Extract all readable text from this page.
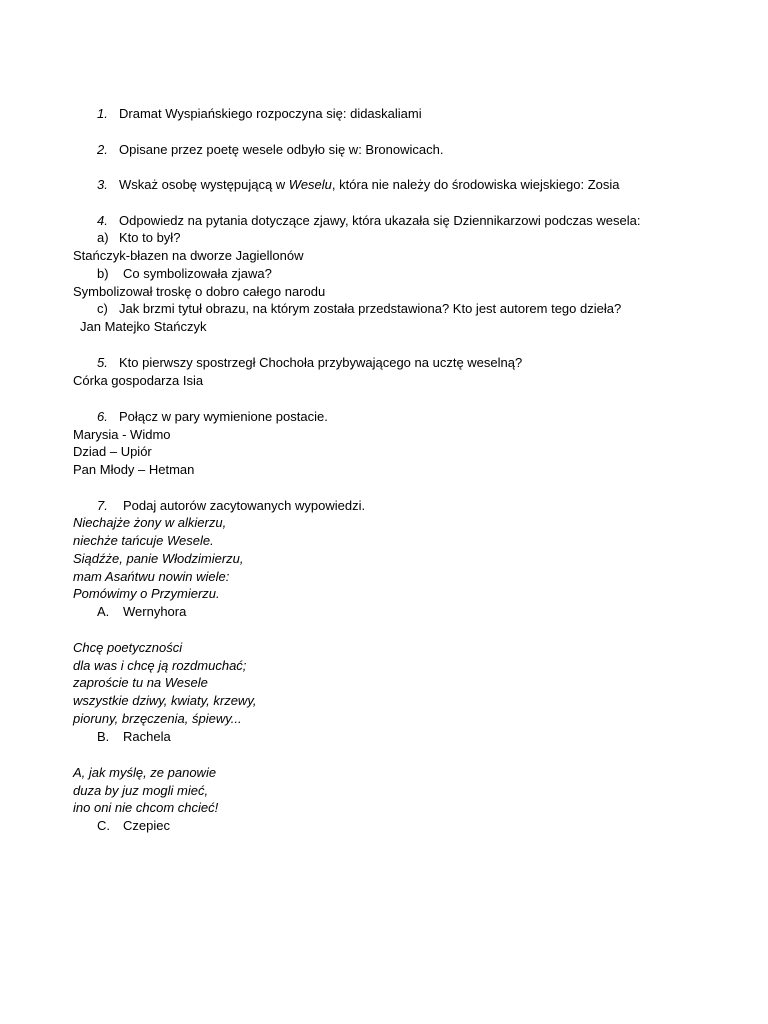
1. Dramat Wyspiańskiego rozpoczyna się: didaskaliami
2. Opisane przez poetę wesele odbyło się w: Bronowicach.
3. Wskaż osobę występującą w Weselu, która nie należy do środowiska wiejskiego: Zosia
4. Odpowiedz na pytania dotyczące zjawy, która ukazała się Dziennikarzowi podczas wesela:
a) Kto to był?
Stańczyk-błazen na dworze Jagiellonów
b) Co symbolizowała zjawa?
Symbolizował troskę o dobro całego narodu
c) Jak brzmi tytuł obrazu, na którym została przedstawiona? Kto jest autorem tego dzieła?
Jan Matejko Stańczyk
5. Kto pierwszy spostrzegł Chochoła przybywającego na ucztę weselną?
Córka gospodarza Isia
6. Połącz w pary wymienione postacie.
Marysia - Widmo
Dziad – Upiór
Pan Młody – Hetman
7. Podaj autorów zacytowanych wypowiedzi.
Niechajże żony w alkierzu,
niechże tańcuje Wesele.
Siądźże, panie Włodzimierzu,
mam Asańtwu nowin wiele:
Pomówimy o Przymierzu.
A. Wernyhora
Chcę poetyczności
dla was i chcę ją rozdmuchać;
zaproście tu na Wesele
wszystkie dziwy, kwiaty, krzewy,
pioruny, brzęczenia, śpiewy...
B. Rachela
A, jak myślę, ze panowie
duza by juz mogli mieć,
ino oni nie chcom chcieć!
C. Czepiec
